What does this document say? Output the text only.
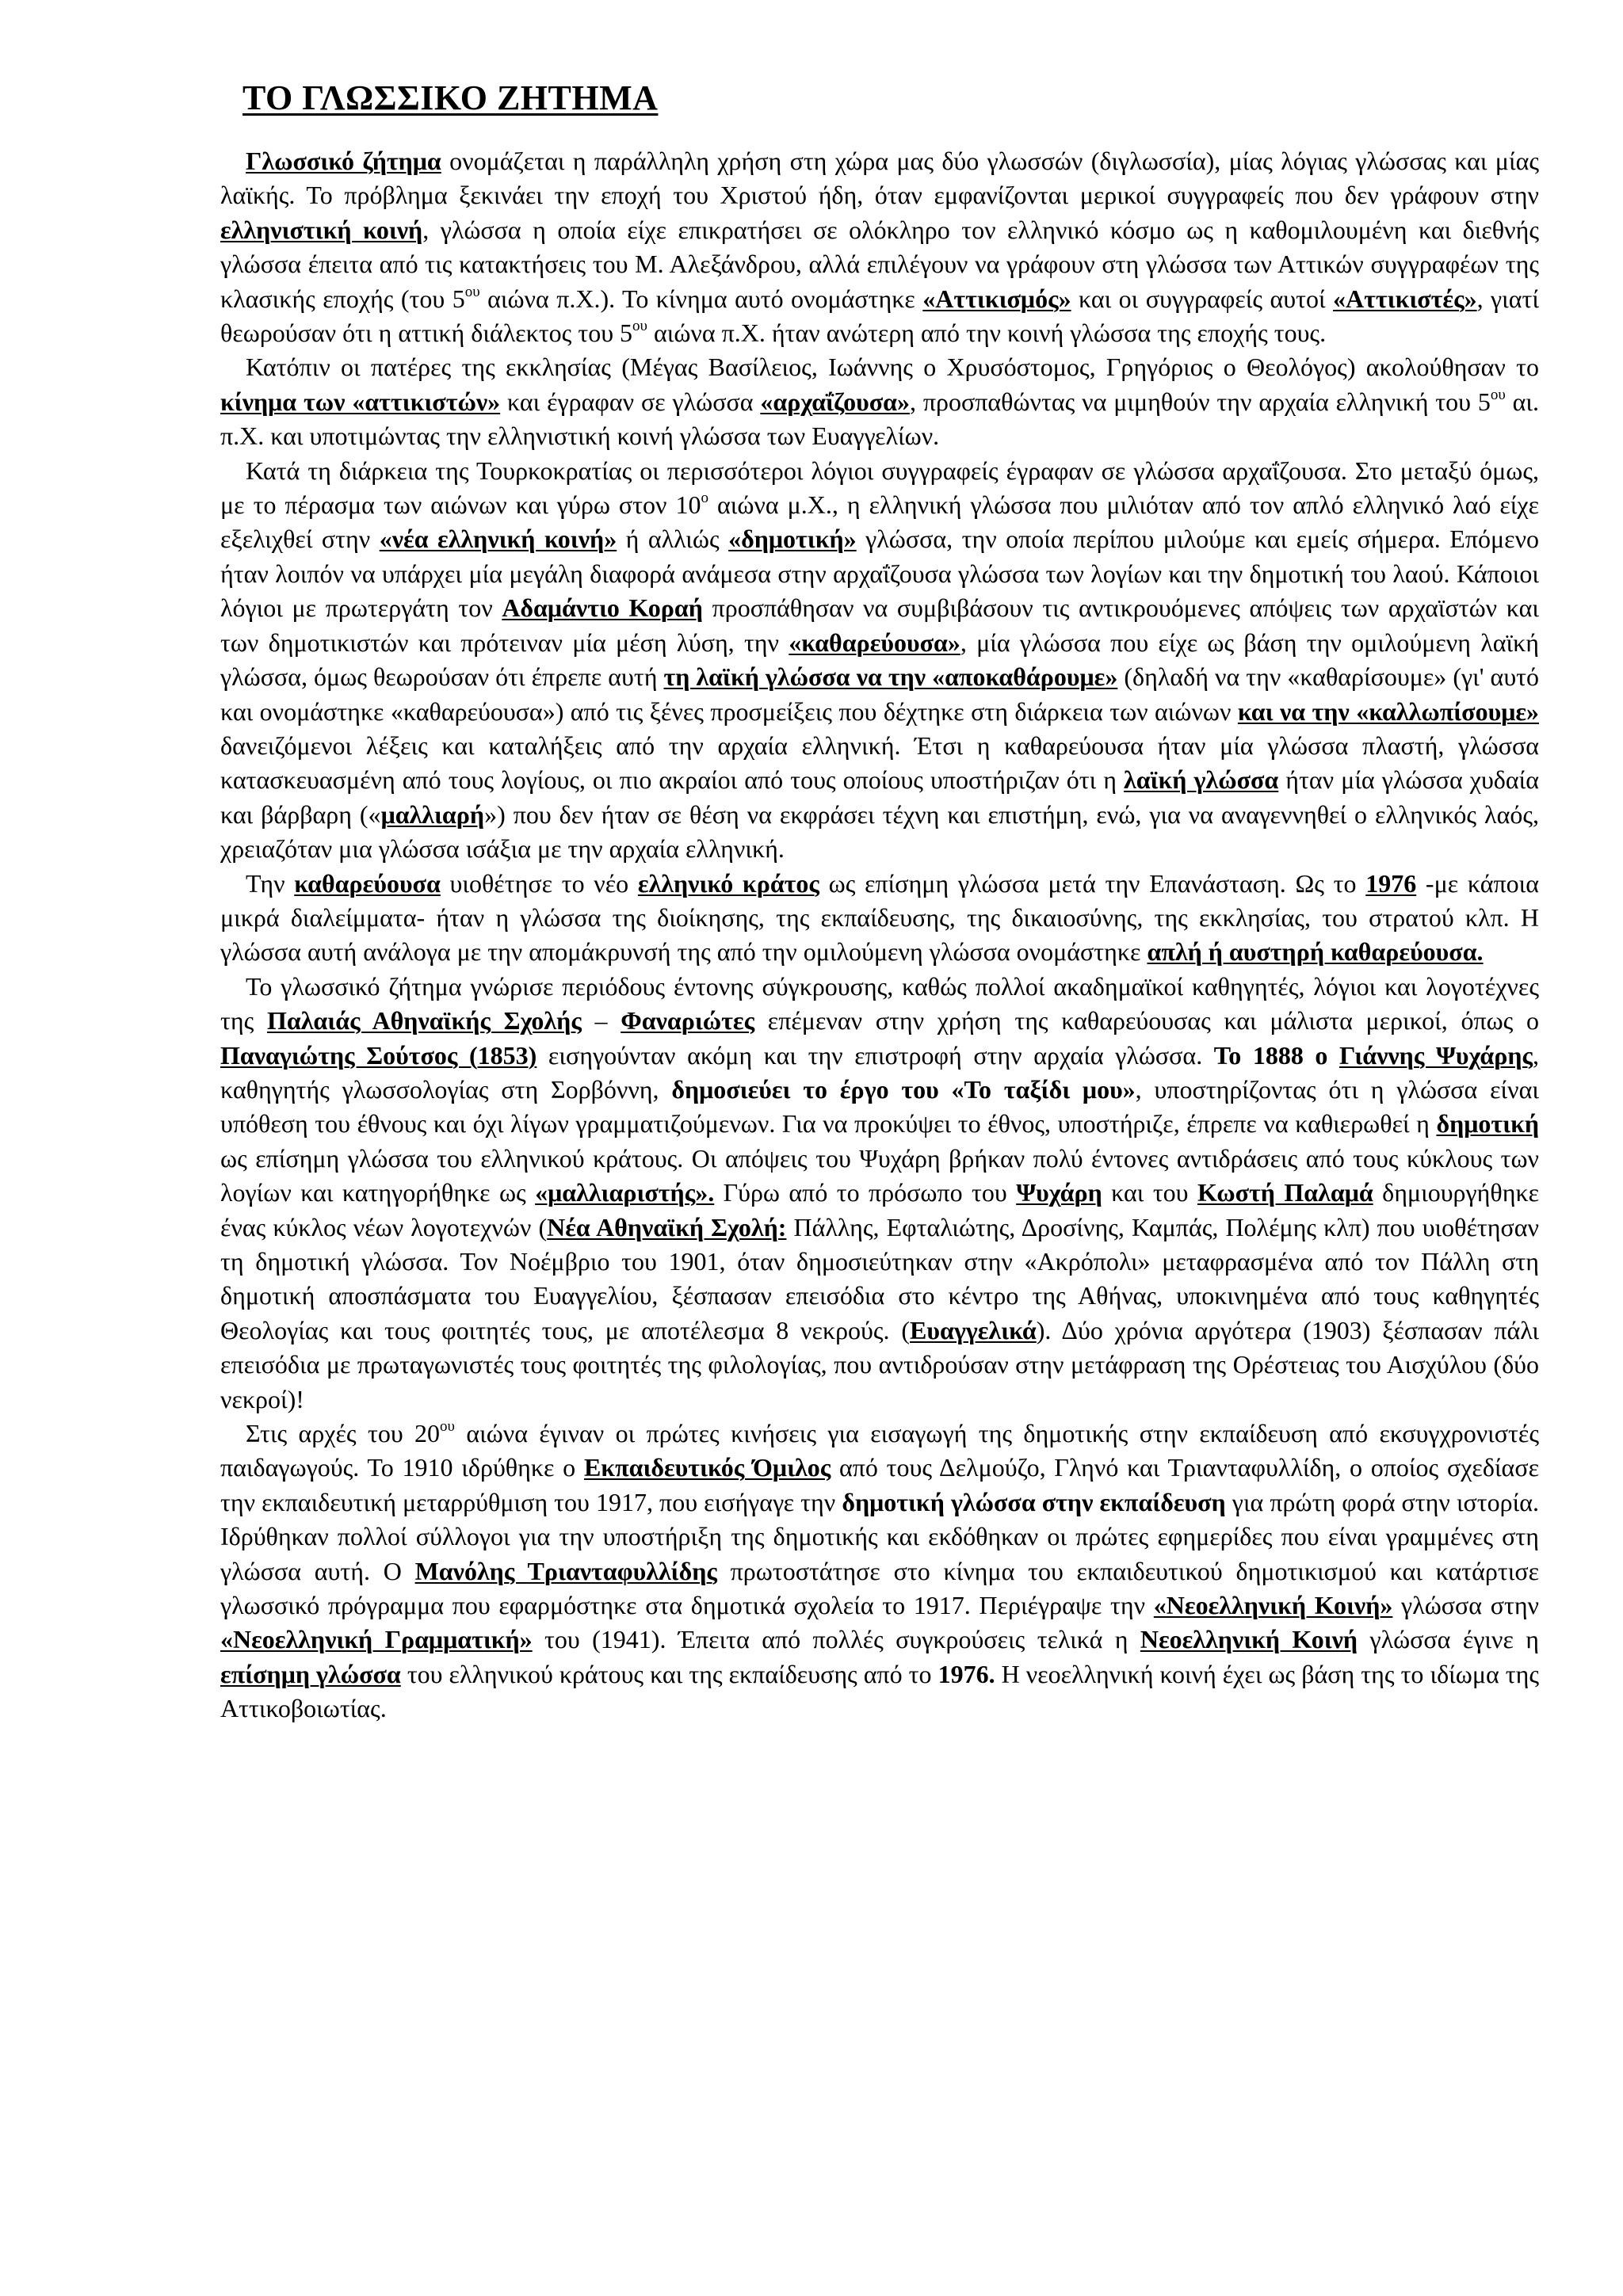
ΤΟ ΓΛΩΣΣΙΚΟ ΖΗΤΗΜΑ

Γλωσσικό ζήτημα ονομάζεται η παράλληλη χρήση στη χώρα μας δύο γλωσσών (διγλωσσία), μίας λόγιας γλώσσας και μίας λαϊκής. Το πρόβλημα ξεκινάει την εποχή του Χριστού ήδη, όταν εμφανίζονται μερικοί συγγραφείς που δεν γράφουν στην ελληνιστική κοινή, γλώσσα η οποία είχε επικρατήσει σε ολόκληρο τον ελληνικό κόσμο ως η καθομιλουμένη και διεθνής γλώσσα έπειτα από τις κατακτήσεις του Μ. Αλεξάνδρου, αλλά επιλέγουν να γράφουν στη γλώσσα των Αττικών συγγραφέων της κλασικής εποχής (του $5^{o\upsilon}$ αιώνα π.Χ.). Το κίνημα αυτό ονομάστηκε «Αττικισμός» και οι συγγραφείς αυτοί «Αττικιστές», γιατί θεωρούσαν ότι η αττική διάλεκτος του $5^{o\upsilon}$ αιώνα π.Χ. ήταν ανώτερη από την κοινή γλώσσα της εποχής τους.

Κατόπιν οι πατέρες της εκκλησίας (Μέγας Βασίλειος, Ιωάννης ο Χρυσόστομος, Γρηγόριος ο Θεολόγος) ακολούθησαν το κίνημα των «αττικιστών» και έγραφαν σε γλώσσα «αρχαΐζουσα», προσπαθώντας να μιμηθούν την αρχαία ελληνική του $5^{o\upsilon}$ αι. π.Χ. και υποτιμώντας την ελληνιστική κοινή γλώσσα των Ευαγγελίων.

Κατά τη διάρκεια της Τουρκοκρατίας οι περισσότεροι λόγιοι συγγραφείς έγραφαν σε γλώσσα αρχαΐζουσα. Στο μεταξύ όμως, με το πέρασμα των αιώνων και γύρω στον $10^o$ αιώνα μ.Χ., η ελληνική γλώσσα που μιλιόταν από τον απλό ελληνικό λαό είχε εξελιχθεί στην «νέα ελληνική κοινή» ή αλλιώς «δημοτική» γλώσσα, την οποία περίπου μιλούμε και εμείς σήμερα. Επόμενο ήταν λοιπόν να υπάρχει μία μεγάλη διαφορά ανάμεσα στην αρχαΐζουσα γλώσσα των λογίων και την δημοτική του λαού. Κάποιοι λόγιοι με πρωτεργάτη τον Αδαμάντιο Κοραή προσπάθησαν να συμβιβάσουν τις αντικρουόμενες απόψεις των αρχαϊστών και των δημοτικιστών και πρότειναν μία μέση λύση, την «καθαρεύουσα», μία γλώσσα που είχε ως βάση την ομιλούμενη λαϊκή γλώσσα, όμως θεωρούσαν ότι έπρεπε αυτή τη λαϊκή γλώσσα να την «αποκαθάρουμε» (δηλαδή να την «καθαρίσουμε» (γι' αυτό και ονομάστηκε «καθαρεύουσα») από τις ξένες προσμείξεις που δέχτηκε στη διάρκεια των αιώνων και να την «καλλωπίσουμε» δανειζόμενοι λέξεις και καταλήξεις από την αρχαία ελληνική. Έτσι η καθαρεύουσα ήταν μία γλώσσα πλαστή, γλώσσα κατασκευασμένη από τους λογίους, οι πιο ακραίοι από τους οποίους υποστήριζαν ότι η λαϊκή γλώσσα ήταν μία γλώσσα χυδαία και βάρβαρη («μαλλιαρή») που δεν ήταν σε θέση να εκφράσει τέχνη και επιστήμη, ενώ, για να αναγεννηθεί ο ελληνικός λαός, χρειαζόταν μια γλώσσα ισάξια με την αρχαία ελληνική.

Την καθαρεύουσα υιοθέτησε το νέο ελληνικό κράτος ως επίσημη γλώσσα μετά την Επανάσταση. Ως το 1976 -με κάποια μικρά διαλείμματα- ήταν η γλώσσα της διοίκησης, της εκπαίδευσης, της δικαιοσύνης, της εκκλησίας, του στρατού κλπ. Η γλώσσα αυτή ανάλογα με την απομάκρυνσή της από την ομιλούμενη γλώσσα ονομάστηκε απλή ή αυστηρή καθαρεύουσα.

Το γλωσσικό ζήτημα γνώρισε περιόδους έντονης σύγκρουσης, καθώς πολλοί ακαδημαϊκοί καθηγητές, λόγιοι και λογοτέχνες της Παλαιάς Αθηναϊκής Σχολής – Φαναριώτες επέμεναν στην χρήση της καθαρεύουσας και μάλιστα μερικοί, όπως ο Παναγιώτης Σούτσος (1853) εισηγούνταν ακόμη και την επιστροφή στην αρχαία γλώσσα. Το 1888 ο Γιάννης Ψυχάρης, καθηγητής γλωσσολογίας στη Σορβόννη, δημοσιεύει το έργο του «Το ταξίδι μου», υποστηρίζοντας ότι η γλώσσα είναι υπόθεση του έθνους και όχι λίγων γραμματιζούμενων. Για να προκύψει το έθνος, υποστήριζε, έπρεπε να καθιερωθεί η δημοτική ως επίσημη γλώσσα του ελληνικού κράτους. Οι απόψεις του Ψυχάρη βρήκαν πολύ έντονες αντιδράσεις από τους κύκλους των λογίων και κατηγορήθηκε ως «μαλλιαριστής». Γύρω από το πρόσωπο του Ψυχάρη και του Κωστή Παλαμά δημιουργήθηκε ένας κύκλος νέων λογοτεχνών (Νέα Αθηναϊκή Σχολή: Πάλλης, Εφταλιώτης, Δροσίνης, Καμπάς, Πολέμης κλπ) που υιοθέτησαν τη δημοτική γλώσσα. Τον Νοέμβριο του 1901, όταν δημοσιεύτηκαν στην «Ακρόπολι» μεταφρασμένα από τον Πάλλη στη δημοτική αποσπάσματα του Ευαγγελίου, ξέσπασαν επεισόδια στο κέντρο της Αθήνας, υποκινημένα από τους καθηγητές Θεολογίας και τους φοιτητές τους, με αποτέλεσμα 8 νεκρούς. (Ευαγγελικά). Δύο χρόνια αργότερα (1903) ξέσπασαν πάλι επεισόδια με πρωταγωνιστές τους φοιτητές της φιλολογίας, που αντιδρούσαν στην μετάφραση της Ορέστειας του Αισχύλου (δύο νεκροί)!

Στις αρχές του $20^{o\upsilon}$ αιώνα έγιναν οι πρώτες κινήσεις για εισαγωγή της δημοτικής στην εκπαίδευση από εκσυγχρονιστές παιδαγωγούς. Το 1910 ιδρύθηκε ο Εκπαιδευτικός Όμιλος από τους Δελμούζο, Γληνό και Τριανταφυλλίδη, ο οποίος σχεδίασε την εκπαιδευτική μεταρρύθμιση του 1917, που εισήγαγε την δημοτική γλώσσα στην εκπαίδευση για πρώτη φορά στην ιστορία. Ιδρύθηκαν πολλοί σύλλογοι για την υποστήριξη της δημοτικής και εκδόθηκαν οι πρώτες εφημερίδες που είναι γραμμένες στη γλώσσα αυτή. Ο Μανόλης Τριανταφυλλίδης πρωτοστάτησε στο κίνημα του εκπαιδευτικού δημοτικισμού και κατάρτισε γλωσσικό πρόγραμμα που εφαρμόστηκε στα δημοτικά σχολεία το 1917. Περιέγραψε την «Νεοελληνική Κοινή» γλώσσα στην «Νεοελληνική Γραμματική» του (1941). Έπειτα από πολλές συγκρούσεις τελικά η Νεοελληνική Κοινή γλώσσα έγινε η επίσημη γλώσσα του ελληνικού κράτους και της εκπαίδευσης από το 1976. Η νεοελληνική κοινή έχει ως βάση της το ιδίωμα της Αττικοβοιωτίας.
